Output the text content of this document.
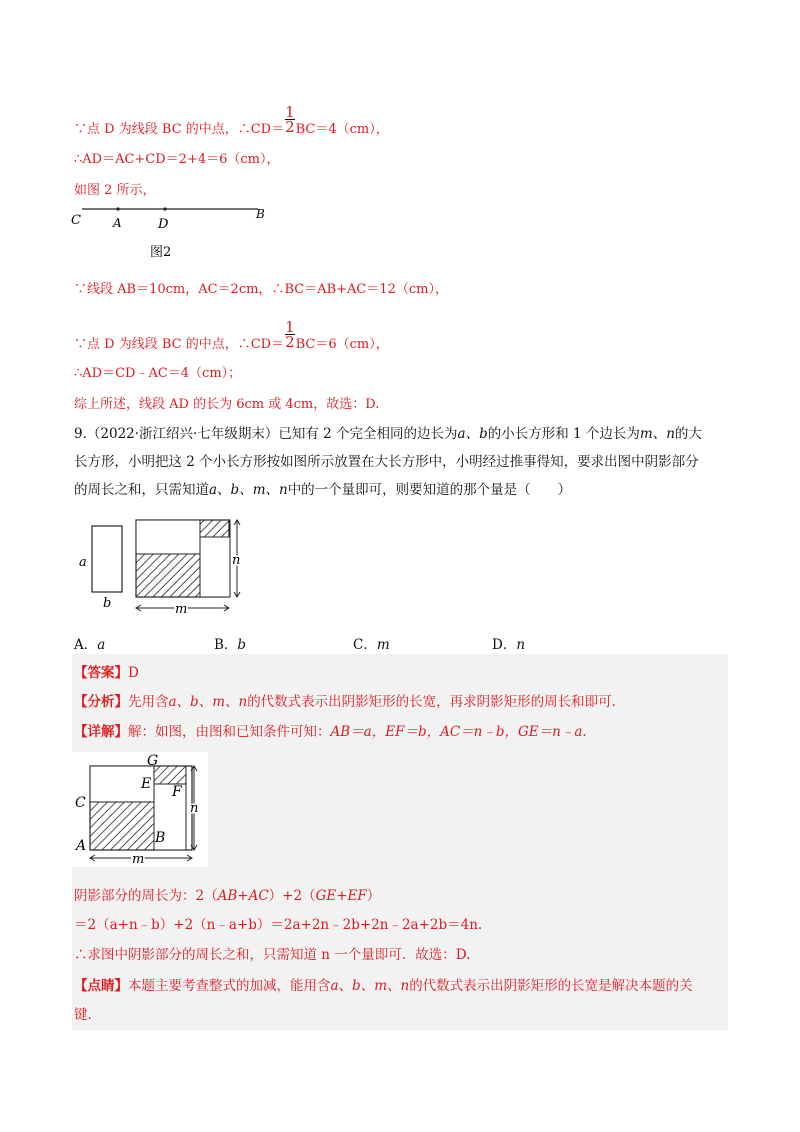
∵点 D 为线段 BC 的中点，∴CD＝ $\frac{1}{2} BC=4(cm)$，
∴AD＝AC+CD＝2+4＝6（cm），
如图 2 所示，
C	A	D
B
图2
∵线段 AB＝10cm，AC＝2cm，∴BC＝AB+AC＝12（cm），
∵点 D 为线段 BC 的中点，∴CD＝ $\frac{1}{2} BC=6(cm)$，
∴AD＝CD﹣AC＝4（cm）；
综上所述，线段 AD 的长为 6cm 或 4cm，故选：D.
9.（2022·浙江绍兴·七年级期末）已知有 2 个完全相同的边长为a、b的小长方形和 1 个边长为m、n的大
长方形，小明把这 2 个小长方形按如图所示放置在大长方形中，小明经过推事得知，要求出图中阴影部分
的周长之和，只需知道a、b、m、n中的一个量即可，则要知道的那个量是（　　）
a
b
n
m
A．a	B．b	C．m	D．n
【答案】D
【分析】先用含a、b、m、n的代数式表示出阴影矩形的长宽，再求阴影矩形的周长和即可.
【详解】解：如图，由图和已知条件可知：AB＝a，EF＝b，AC＝n﹣b，GE＝n﹣a.
n
m
G
E F
C
B
A
阴影部分的周长为：2（AB+AC）+2（GE+EF）
＝2（a+n﹣b）+2（n﹣a+b）＝2a+2n﹣2b+2n﹣2a+2b＝4n.
∴求图中阴影部分的周长之和，只需知道 n 一个量即可．故选：D.
【点睛】本题主要考查整式的加减，能用含a、b、m、n的代数式表示出阴影矩形的长宽是解决本题的关
键.
